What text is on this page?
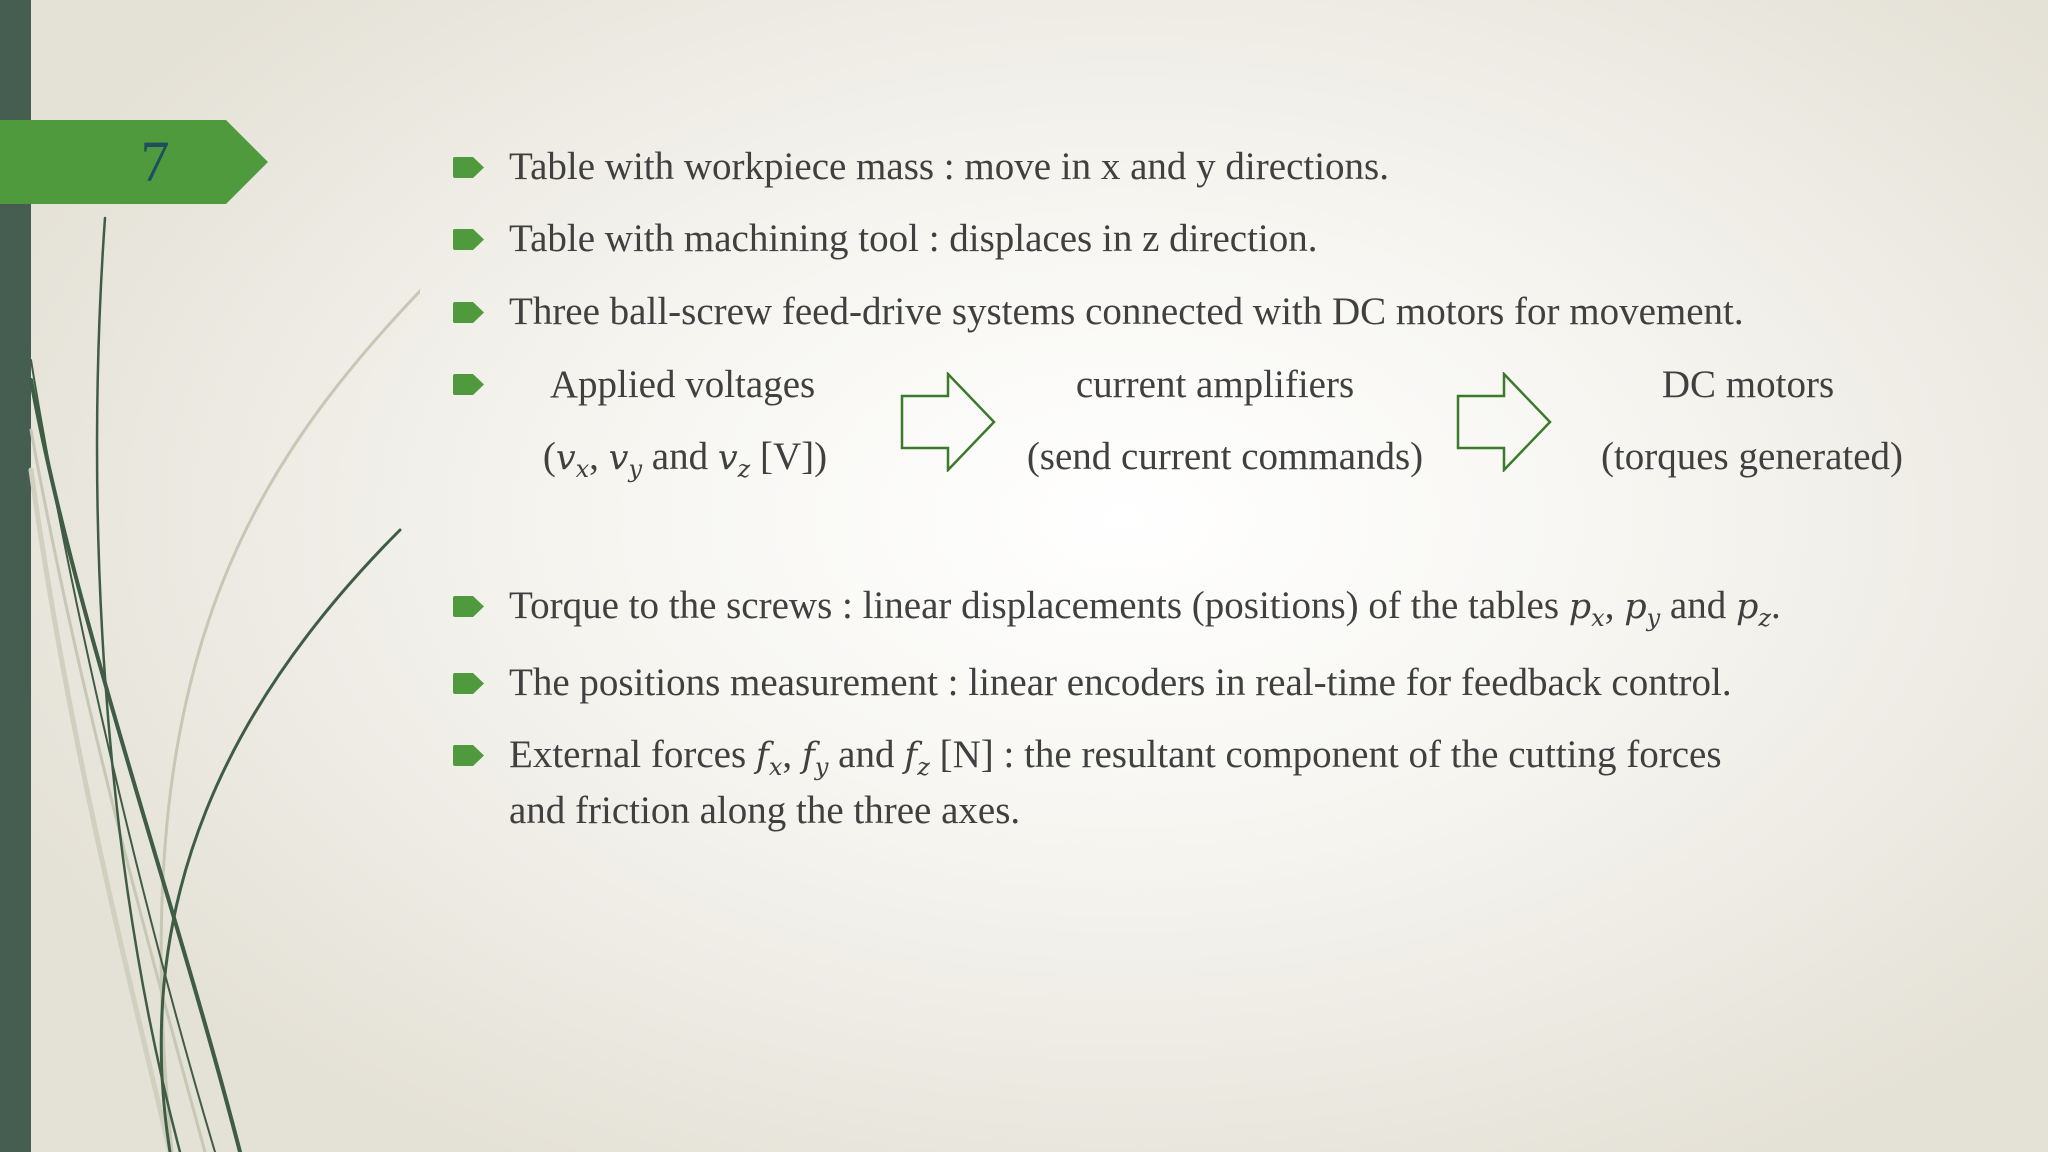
7	Table with workpiece mass : move in x and y directions.
Table with machining tool : displaces in z direction.
Three ball-screw feed-drive systems connected with DC motors for movement.
Applied voltages
($v_x$, $v_y$ and $v_z$ [V])
current amplifiers
(send current commands)
DC motors
(torques generated)
Torque to the screws : linear displacements (positions) of the tables $p_x$, $p_y$ and $p_z$.
The positions measurement : linear encoders in real-time for feedback control.
External forces $f_x$, $f_y$ and $f_z$ [N] : the resultant component of the cutting forces
and friction along the three axes.
